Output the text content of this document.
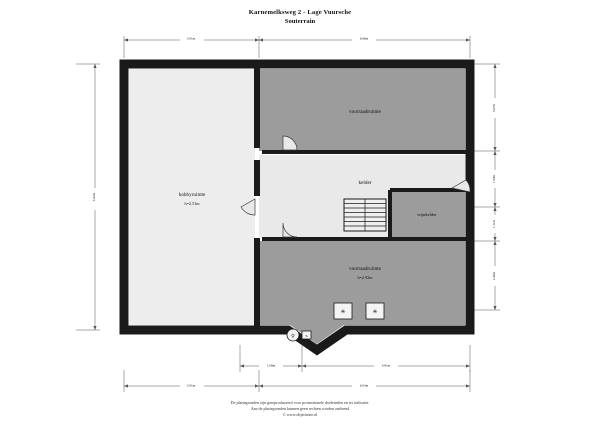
Karnemelksweg 2 - Lage Vuursche
Souterrain
3.91m	6.86m
9.42m
3.07m
1.98m
1.21m
2.46m
1.68m	4.81m
3.91m	6.63m
✳	✳
⚲ ⌁
hobbyruimte
h=2.51m
voorraadruimte
kelder
wijnkelder
voorraadruimte
h=2.92m
De plattegronden zijn gereproduceerd voor promotionele doeleinden en ter indicatie.
Aan de plattegronden kunnen geen rechten worden ontleend
© www.objectmee.nl
